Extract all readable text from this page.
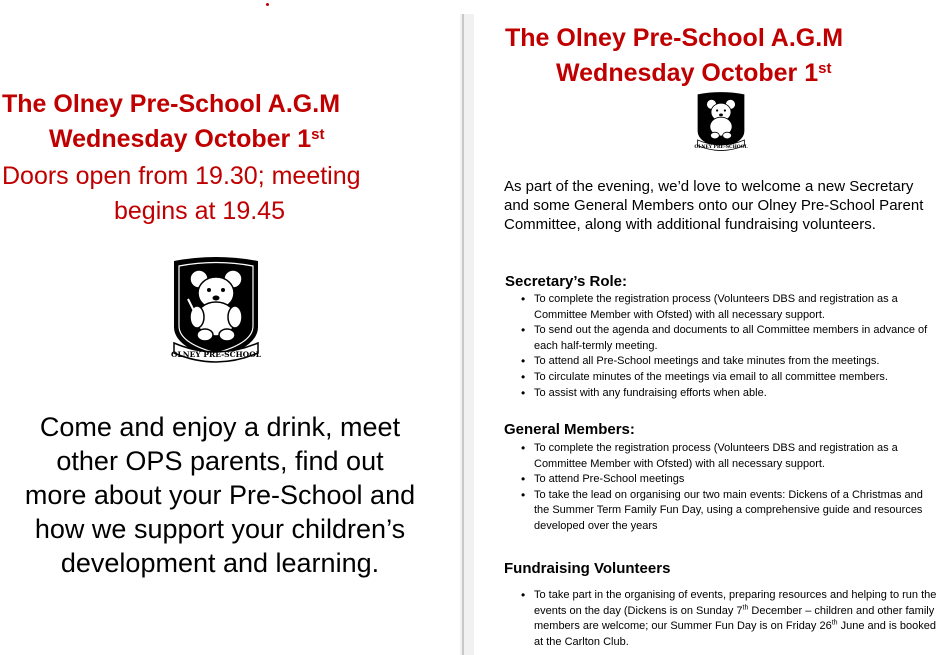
The Olney Pre-School A.G.M
Wednesday October 1st
Doors open from 19.30; meeting
begins at 19.45
OLNEY PRE-SCHOOL
Come and enjoy a drink, meet
other OPS parents, find out
more about your Pre-School and
how we support your children’s
development and learning.
The Olney Pre-School A.G.M
Wednesday October 1st
OLNEY PRE-SCHOOL
As part of the evening, we’d love to welcome a new Secretary and some General Members onto our Olney Pre-School Parent Committee, along with additional fundraising volunteers.
Secretary’s Role:
• To complete the registration process (Volunteers DBS and registration as a Committee Member with Ofsted) with all necessary support.
• To send out the agenda and documents to all Committee members in advance of each half-termly meeting.
• To attend all Pre-School meetings and take minutes from the meetings.
• To circulate minutes of the meetings via email to all committee members.
• To assist with any fundraising efforts when able.
General Members:
• To complete the registration process (Volunteers DBS and registration as a Committee Member with Ofsted) with all necessary support.
• To attend Pre-School meetings
• To take the lead on organising our two main events: Dickens of a Christmas and the Summer Term Family Fun Day, using a comprehensive guide and resources developed over the years
Fundraising Volunteers
• To take part in the organising of events, preparing resources and helping to run the events on the day (Dickens is on Sunday 7th December – children and other family members are welcome; our Summer Fun Day is on Friday 26th June and is booked at the Carlton Club.
